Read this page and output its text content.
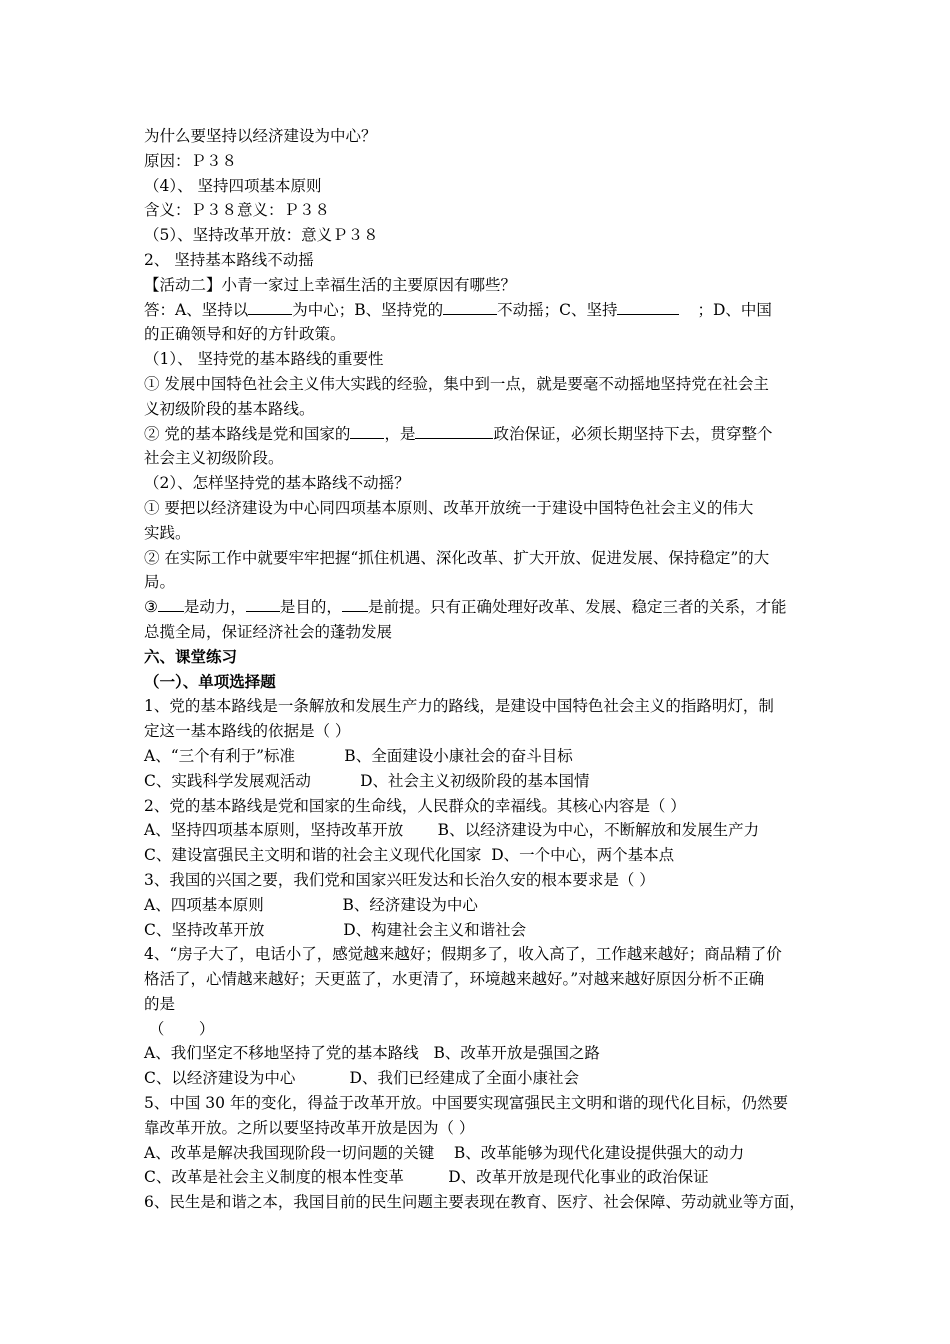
为什么要坚持以经济建设为中心？
原因：Ｐ３８
（4）、 坚持四项基本原则
含义：Ｐ３８意义：Ｐ３８
（5）、坚持改革开放：意义Ｐ３８
2、 坚持基本路线不动摇
【活动二】小青一家过上幸福生活的主要原因有哪些？
答：A、坚持以	为中心；B、坚持党的	不动摇；C、坚持	；D、中国
的正确领导和好的方针政策。
（1）、 坚持党的基本路线的重要性
① 发展中国特色社会主义伟大实践的经验，集中到一点，就是要毫不动摇地坚持党在社会主
义初级阶段的基本路线。
② 党的基本路线是党和国家的 ，是	政治保证，必须长期坚持下去，贯穿整个
社会主义初级阶段。
（2）、怎样坚持党的基本路线不动摇？
① 要把以经济建设为中心同四项基本原则、改革开放统一于建设中国特色社会主义的伟大
实践。
② 在实际工作中就要牢牢把握“抓住机遇、深化改革、扩大开放、促进发展、保持稳定”的大
局。
③ 是动力， 是目的， 是前提。只有正确处理好改革、发展、稳定三者的关系，才能
总揽全局，保证经济社会的蓬勃发展
六、课堂练习
（一）、单项选择题
1、党的基本路线是一条解放和发展生产力的路线，是建设中国特色社会主义的指路明灯，制
定这一基本路线的依据是（ ）
A、“三个有利于”标准          B、全面建设小康社会的奋斗目标
C、实践科学发展观活动          D、社会主义初级阶段的基本国情
2、党的基本路线是党和国家的生命线，人民群众的幸福线。其核心内容是（ ）
A、坚持四项基本原则，坚持改革开放       B、以经济建设为中心，不断解放和发展生产力
C、建设富强民主文明和谐的社会主义现代化国家  D、一个中心，两个基本点
3、我国的兴国之要，我们党和国家兴旺发达和长治久安的根本要求是（ ）
A、四项基本原则                B、经济建设为中心
C、坚持改革开放                D、构建社会主义和谐社会
4、“房子大了，电话小了，感觉越来越好；假期多了，收入高了，工作越来越好；商品精了价
格活了，心情越来越好；天更蓝了，水更清了，环境越来越好。”对越来越好原因分析不正确
的是
（       ）
A、我们坚定不移地坚持了党的基本路线   B、改革开放是强国之路
C、以经济建设为中心           D、我们已经建成了全面小康社会
5、中国 30 年的变化，得益于改革开放。中国要实现富强民主文明和谐的现代化目标，仍然要
靠改革开放。之所以要坚持改革开放是因为（ ）
A、改革是解决我国现阶段一切问题的关键    B、改革能够为现代化建设提供强大的动力
C、改革是社会主义制度的根本性变革         D、改革开放是现代化事业的政治保证
6、民生是和谐之本，我国目前的民生问题主要表现在教育、医疗、社会保障、劳动就业等方面，
